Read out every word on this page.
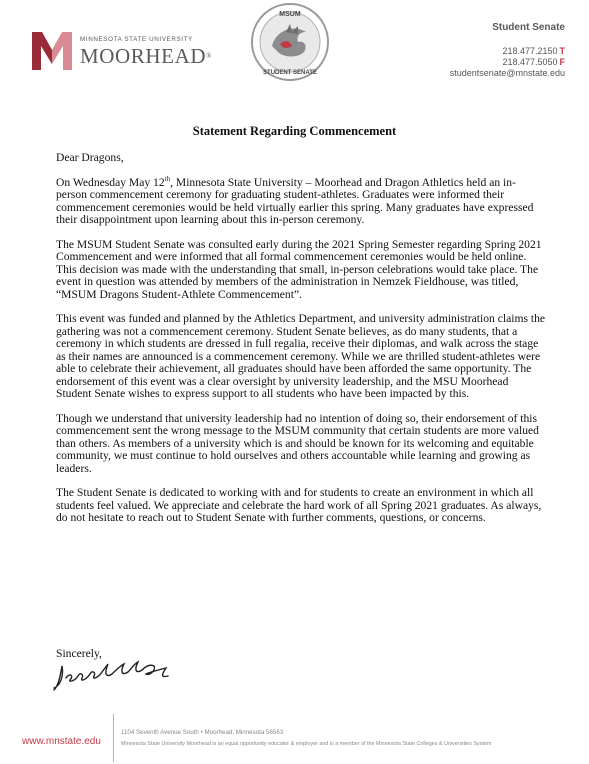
MINNESOTA STATE UNIVERSITY
MOORHEAD®
MSUM
STUDENT SENATE
Student Senate
218.477.2150 T
218.477.5050 F
studentsenate@mnstate.edu
Statement Regarding Commencement

Dear Dragons,

On Wednesday May 12th, Minnesota State University – Moorhead and Dragon Athletics held an in-person commencement ceremony for graduating student-athletes. Graduates were informed their commencement ceremonies would be held virtually earlier this spring. Many graduates have expressed their disappointment upon learning about this in-person ceremony.

The MSUM Student Senate was consulted early during the 2021 Spring Semester regarding Spring 2021 Commencement and were informed that all formal commencement ceremonies would be held online. This decision was made with the understanding that small, in-person celebrations would take place. The event in question was attended by members of the administration in Nemzek Fieldhouse, was titled, “MSUM Dragons Student-Athlete Commencement”.

This event was funded and planned by the Athletics Department, and university administration claims the gathering was not a commencement ceremony. Student Senate believes, as do many students, that a ceremony in which students are dressed in full regalia, receive their diplomas, and walk across the stage as their names are announced is a commencement ceremony. While we are thrilled student-athletes were able to celebrate their achievement, all graduates should have been afforded the same opportunity. The endorsement of this event was a clear oversight by university leadership, and the MSU Moorhead Student Senate wishes to express support to all students who have been impacted by this.

Though we understand that university leadership had no intention of doing so, their endorsement of this commencement sent the wrong message to the MSUM community that certain students are more valued than others. As members of a university which is and should be known for its welcoming and equitable community, we must continue to hold ourselves and others accountable while learning and growing as leaders.

The Student Senate is dedicated to working with and for students to create an environment in which all students feel valued. We appreciate and celebrate the hard work of all Spring 2021 graduates. As always, do not hesitate to reach out to Student Senate with further comments, questions, or concerns.

Sincerely,
www.mnstate.edu
1104 Seventh Avenue South • Moorhead, Minnesota 56563
Minnesota State University Moorhead is an equal opportunity educator & employer and is a member of the Minnesota State Colleges & Universities System
